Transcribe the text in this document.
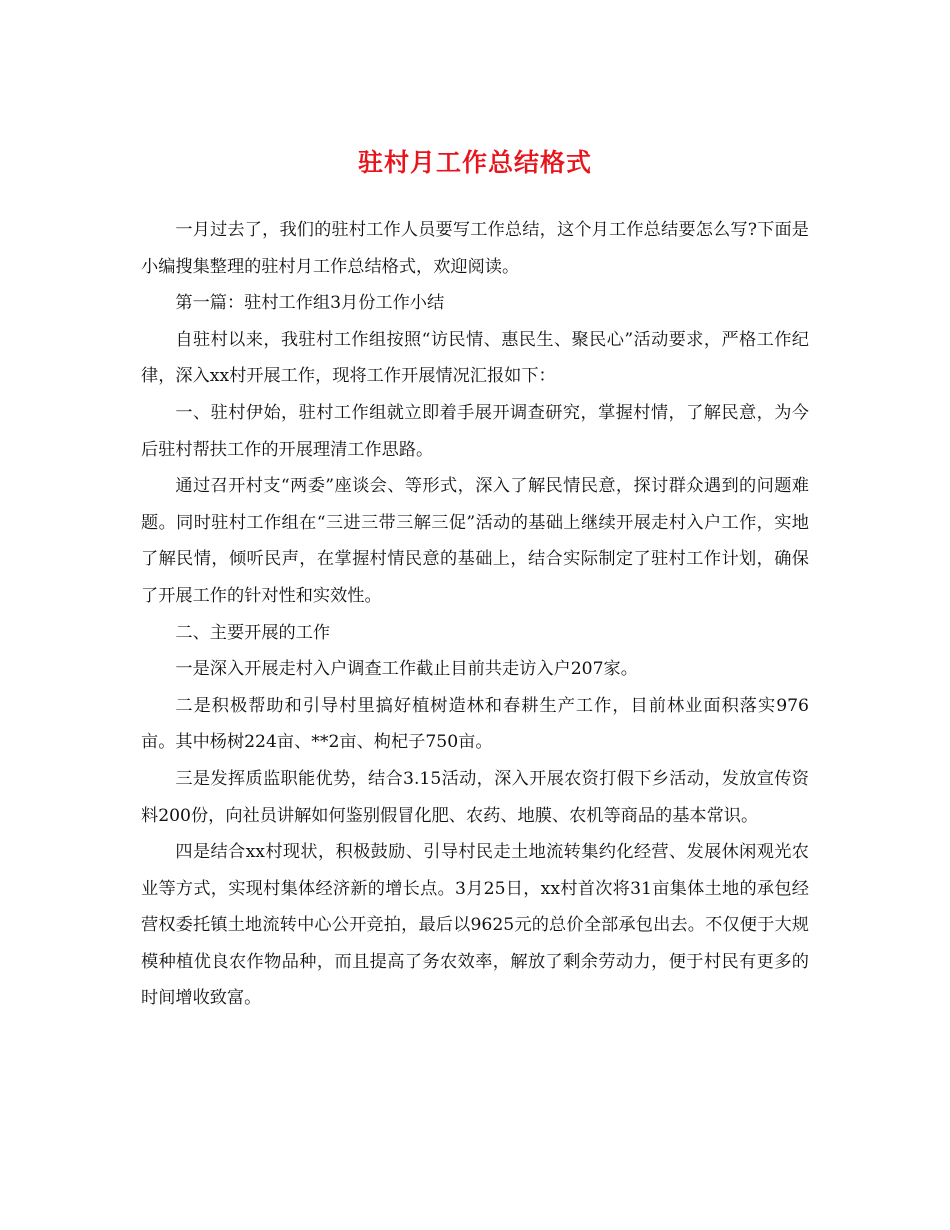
驻村月工作总结格式

一月过去了，我们的驻村工作人员要写工作总结，这个月工作总结要怎么写?下面是小编搜集整理的驻村月工作总结格式，欢迎阅读。

第一篇：驻村工作组3月份工作小结

自驻村以来，我驻村工作组按照“访民情、惠民生、聚民心”活动要求，严格工作纪律，深入xx村开展工作，现将工作开展情况汇报如下：

一、驻村伊始，驻村工作组就立即着手展开调查研究，掌握村情，了解民意，为今后驻村帮扶工作的开展理清工作思路。

通过召开村支“两委”座谈会、等形式，深入了解民情民意，探讨群众遇到的问题难题。同时驻村工作组在“三进三带三解三促”活动的基础上继续开展走村入户工作，实地了解民情，倾听民声，在掌握村情民意的基础上，结合实际制定了驻村工作计划，确保了开展工作的针对性和实效性。

二、主要开展的工作

一是深入开展走村入户调查工作截止目前共走访入户207家。

二是积极帮助和引导村里搞好植树造林和春耕生产工作，目前林业面积落实976亩。其中杨树224亩、**2亩、枸杞子750亩。

三是发挥质监职能优势，结合3.15活动，深入开展农资打假下乡活动，发放宣传资料200份，向社员讲解如何鉴别假冒化肥、农药、地膜、农机等商品的基本常识。

四是结合xx村现状，积极鼓励、引导村民走土地流转集约化经营、发展休闲观光农业等方式，实现村集体经济新的增长点。3月25日，xx村首次将31亩集体土地的承包经营权委托镇土地流转中心公开竞拍，最后以9625元的总价全部承包出去。不仅便于大规模种植优良农作物品种，而且提高了务农效率，解放了剩余劳动力，便于村民有更多的时间增收致富。
